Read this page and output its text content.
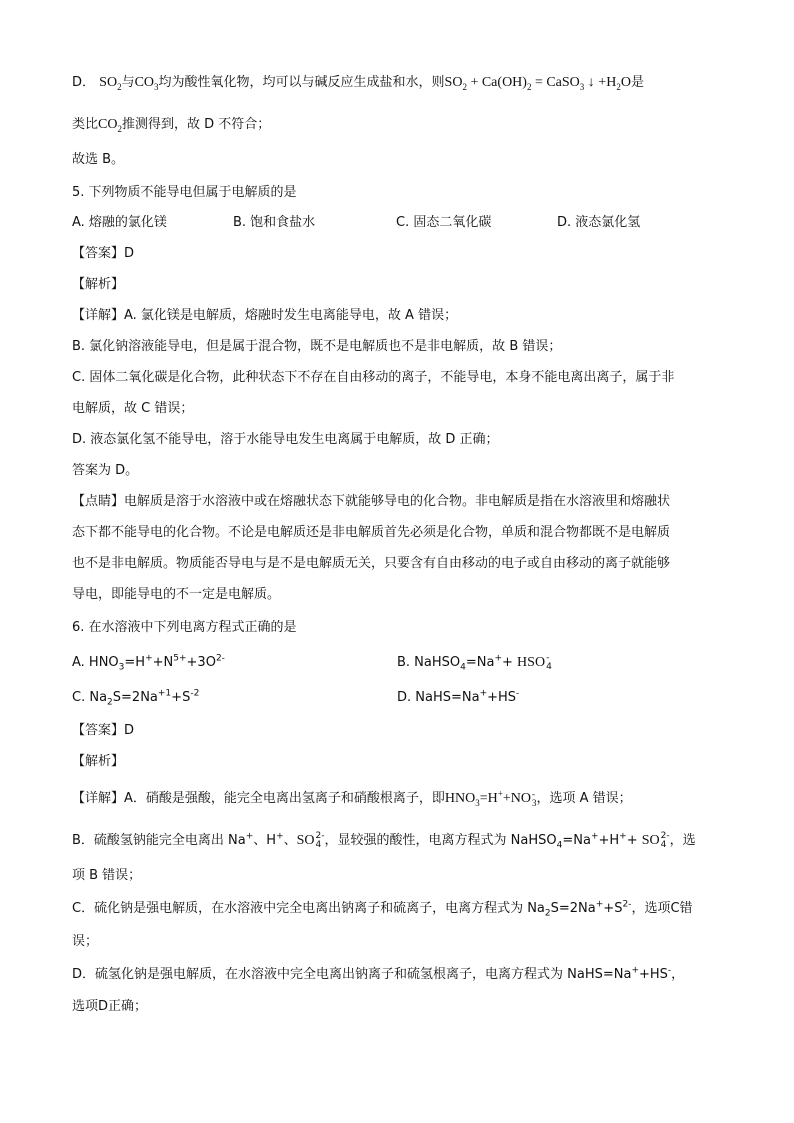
D． $SO_2$与$CO_3$均为酸性氧化物，均可以与碱反应生成盐和水，则$SO_2 + Ca(OH)_2$ = CaSO$_3$ ↓ $+H_2O$是
类比$CO_2$推测得到，故 D 不符合；
故选 B。
5. 下列物质不能导电但属于电解质的是
A. 熔融的氯化镁	B. 饱和食盐水	C. 固态二氧化碳	D. 液态氯化氢
【答案】D
【解析】
【详解】A. 氯化镁是电解质，熔融时发生电离能导电，故 A 错误；
B. 氯化钠溶液能导电，但是属于混合物，既不是电解质也不是非电解质，故 B 错误；
C. 固体二氧化碳是化合物，此种状态下不存在自由移动的离子，不能导电，本身不能电离出离子，属于非
电解质，故 C 错误；
D. 液态氯化氢不能导电，溶于水能导电发生电离属于电解质，故 D 正确；
答案为 D。
【点睛】电解质是溶于水溶液中或在熔融状态下就能够导电的化合物。非电解质是指在水溶液里和熔融状
态下都不能导电的化合物。不论是电解质还是非电解质首先必须是化合物，单质和混合物都既不是电解质
也不是非电解质。物质能否导电与是不是电解质无关，只要含有自由移动的电子或自由移动的离子就能够
导电，即能导电的不一定是电解质。
6. 在水溶液中下列电离方程式正确的是
A. $HNO_3=H^++N^{5+}+3O^{2-}$	B. NaHSO$_4$=Na++ HSO -
4
C. $Na_2S=2Na^{+1}+S^{-2}$	D. NaHS=Na++HS-
【答案】D
【解析】
【详解】A．硝酸是强酸，能完全电离出氢离子和硝酸根离子，即$HNO_3=H^++NO$ -
3 ，选项 A 错误；
B．硫酸氢钠能完全电离出 Na+、H+、SO 2-
4 ，显较强的酸性，电离方程式为 NaHSO$_4$=Na++H++ SO 2-
4 ，选
项 B 错误；
C．硫化钠是强电解质，在水溶液中完全电离出钠离子和硫离子，电离方程式为 $Na_2S=2Na^++S^{2-}$，选项C错
误；
D．硫氢化钠是强电解质，在水溶液中完全电离出钠离子和硫氢根离子，电离方程式为 NaHS=Na++HS-，
选项D正确；
